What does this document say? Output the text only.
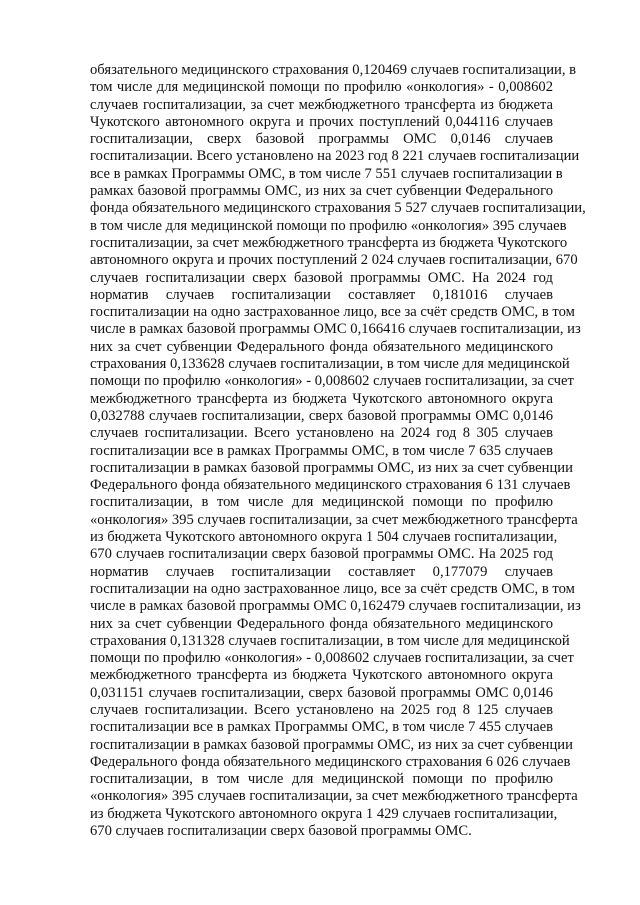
обязательного медицинского страхования 0,120469 случаев госпитализации, в
том числе для медицинской помощи по профилю «онкология» - 0,008602
случаев госпитализации, за счет межбюджетного трансферта из бюджета
Чукотского автономного округа и прочих поступлений 0,044116 случаев
госпитализации, сверх базовой программы ОМС 0,0146 случаев
госпитализации. Всего установлено на 2023 год 8 221 случаев госпитализации
все в рамках Программы ОМС, в том числе 7 551 случаев госпитализации в
рамках базовой программы ОМС, из них за счет субвенции Федерального
фонда обязательного медицинского страхования 5 527 случаев госпитализации,
в том числе для медицинской помощи по профилю «онкология» 395 случаев
госпитализации, за счет межбюджетного трансферта из бюджета Чукотского
автономного округа и прочих поступлений 2 024 случаев госпитализации, 670
случаев госпитализации сверх базовой программы ОМС. На 2024 год
норматив случаев госпитализации составляет 0,181016 случаев
госпитализации на одно застрахованное лицо, все за счёт средств ОМС, в том
числе в рамках базовой программы ОМС 0,166416 случаев госпитализации, из
них за счет субвенции Федерального фонда обязательного медицинского
страхования 0,133628 случаев госпитализации, в том числе для медицинской
помощи по профилю «онкология» - 0,008602 случаев госпитализации, за счет
межбюджетного трансферта из бюджета Чукотского автономного округа
0,032788 случаев госпитализации, сверх базовой программы ОМС 0,0146
случаев госпитализации. Всего установлено на 2024 год 8 305 случаев
госпитализации все в рамках Программы ОМС, в том числе 7 635 случаев
госпитализации в рамках базовой программы ОМС, из них за счет субвенции
Федерального фонда обязательного медицинского страхования 6 131 случаев
госпитализации, в том числе для медицинской помощи по профилю
«онкология» 395 случаев госпитализации, за счет межбюджетного трансферта
из бюджета Чукотского автономного округа 1 504 случаев госпитализации,
670 случаев госпитализации сверх базовой программы ОМС. На 2025 год
норматив случаев госпитализации составляет 0,177079 случаев
госпитализации на одно застрахованное лицо, все за счёт средств ОМС, в том
числе в рамках базовой программы ОМС 0,162479 случаев госпитализации, из
них за счет субвенции Федерального фонда обязательного медицинского
страхования 0,131328 случаев госпитализации, в том числе для медицинской
помощи по профилю «онкология» - 0,008602 случаев госпитализации, за счет
межбюджетного трансферта из бюджета Чукотского автономного округа
0,031151 случаев госпитализации, сверх базовой программы ОМС 0,0146
случаев госпитализации. Всего установлено на 2025 год 8 125 случаев
госпитализации все в рамках Программы ОМС, в том числе 7 455 случаев
госпитализации в рамках базовой программы ОМС, из них за счет субвенции
Федерального фонда обязательного медицинского страхования 6 026 случаев
госпитализации, в том числе для медицинской помощи по профилю
«онкология» 395 случаев госпитализации, за счет межбюджетного трансферта
из бюджета Чукотского автономного округа 1 429 случаев госпитализации,
670 случаев госпитализации сверх базовой программы ОМС.
